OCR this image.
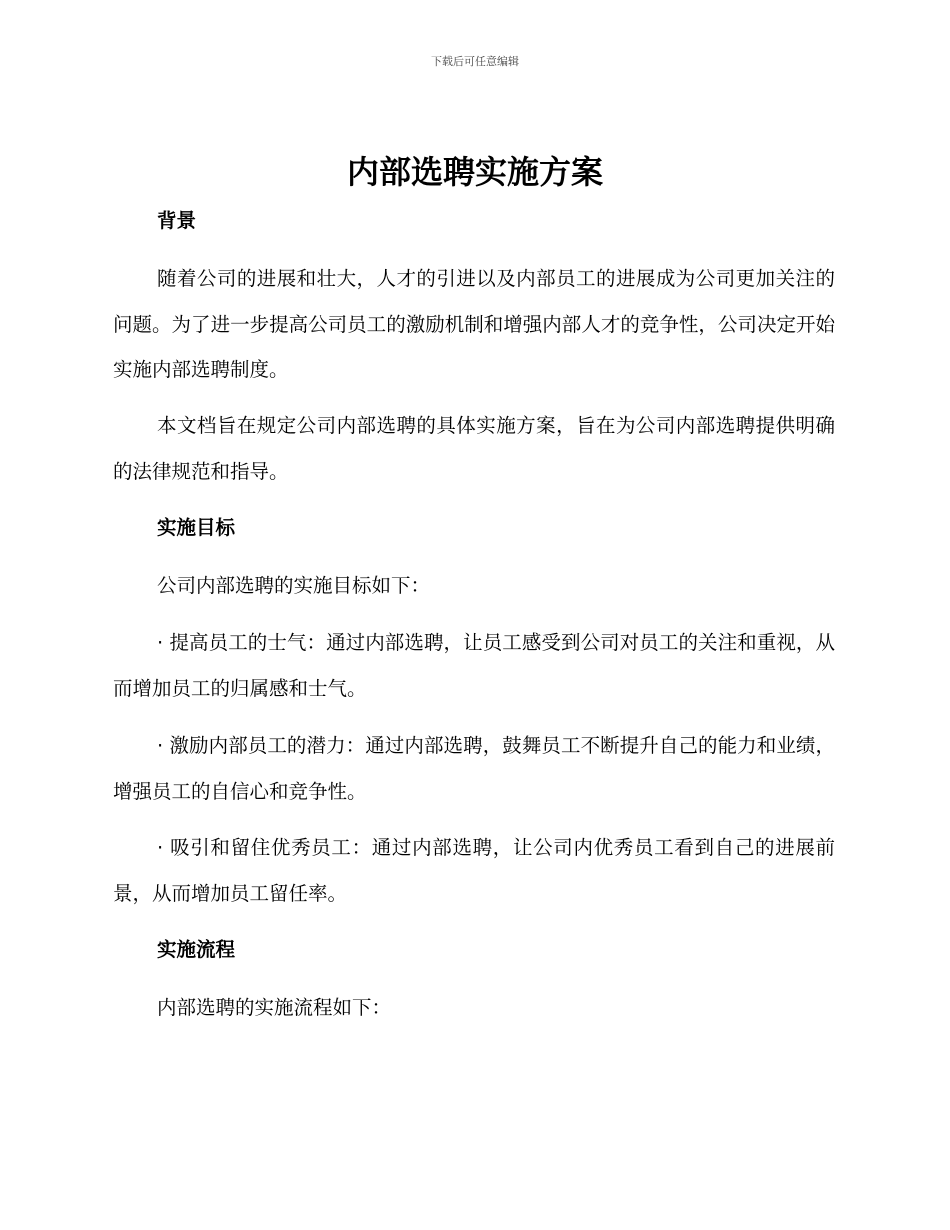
下载后可任意编辑
内部选聘实施方案
背景

随着公司的进展和壮大，人才的引进以及内部员工的进展成为公司更加关注的问题。为了进一步提高公司员工的激励机制和增强内部人才的竞争性，公司决定开始实施内部选聘制度。

本文档旨在规定公司内部选聘的具体实施方案，旨在为公司内部选聘提供明确的法律规范和指导。

实施目标

公司内部选聘的实施目标如下：

· 提高员工的士气：通过内部选聘，让员工感受到公司对员工的关注和重视，从而增加员工的归属感和士气。

· 激励内部员工的潜力：通过内部选聘，鼓舞员工不断提升自己的能力和业绩，增强员工的自信心和竞争性。

· 吸引和留住优秀员工：通过内部选聘，让公司内优秀员工看到自己的进展前景，从而增加员工留任率。

实施流程

内部选聘的实施流程如下：
